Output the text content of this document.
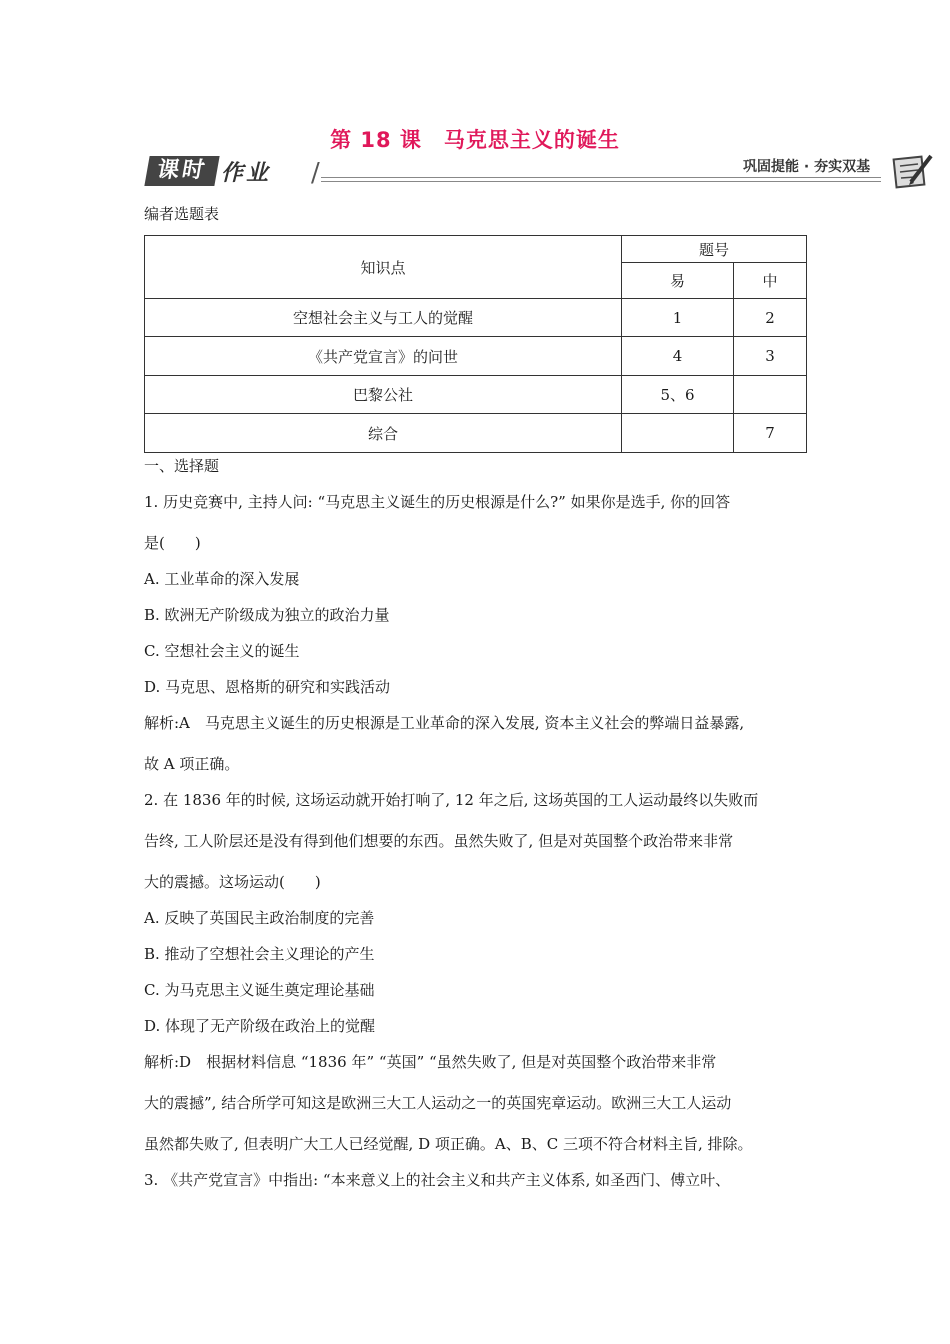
第 18 课　马克思主义的诞生
课时 作业 /	巩固提能 · 夯实双基
编者选题表
知识点	题号	
	易	中
空想社会主义与工人的觉醒	1	2
《共产党宣言》的问世	4	3
巴黎公社	5、6	
综合		7
一、选择题
1. 历史竞赛中, 主持人问: “马克思主义诞生的历史根源是什么?” 如果你是选手, 你的回答
是(　　)
A. 工业革命的深入发展
B. 欧洲无产阶级成为独立的政治力量
C. 空想社会主义的诞生
D. 马克思、恩格斯的研究和实践活动
解析:A　马克思主义诞生的历史根源是工业革命的深入发展, 资本主义社会的弊端日益暴露,
故 A 项正确。
2. 在 1836 年的时候, 这场运动就开始打响了, 12 年之后, 这场英国的工人运动最终以失败而
告终, 工人阶层还是没有得到他们想要的东西。虽然失败了, 但是对英国整个政治带来非常
大的震撼。这场运动(　　)
A. 反映了英国民主政治制度的完善
B. 推动了空想社会主义理论的产生
C. 为马克思主义诞生奠定理论基础
D. 体现了无产阶级在政治上的觉醒
解析:D　根据材料信息 “1836 年” “英国” “虽然失败了, 但是对英国整个政治带来非常
大的震撼”, 结合所学可知这是欧洲三大工人运动之一的英国宪章运动。欧洲三大工人运动
虽然都失败了, 但表明广大工人已经觉醒, D 项正确。A、B、C 三项不符合材料主旨, 排除。
3. 《共产党宣言》中指出: “本来意义上的社会主义和共产主义体系, 如圣西门、傅立叶、
